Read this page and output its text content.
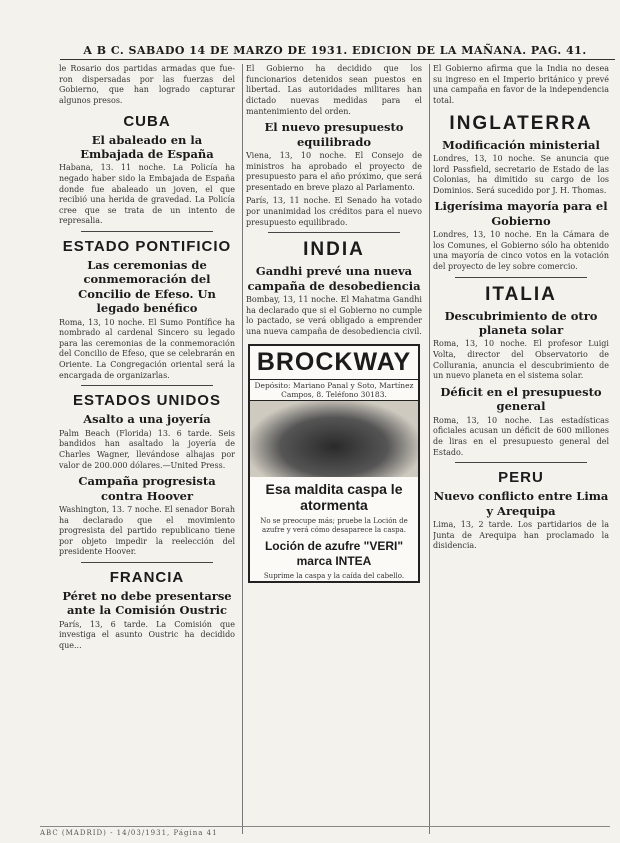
A B C. SABADO 14 DE MARZO DE 1931. EDICION DE LA MAÑANA. PAG. 41.

le Rosario dos partidas armadas que fue-ron dispersadas por las fuerzas del Gobierno, que han logrado capturar algunos presos.

CUBA
El abaleado en la Embajada de España

Habana, 13. 11 noche. La Policía ha negado haber sido la Embajada de España donde fue abaleado un joven, el que recibió una herida de gravedad. La Policía cree que se trata de un intento de represalia.

ESTADO PONTIFICIO
Las ceremonias de conmemoración del Concilio de Efeso. Un legado benéfico

Roma, 13, 10 noche. El Sumo Pontífice ha nombrado al cardenal Sincero su legado para las ceremonias de la conmemoración del Concilio de Efeso, que se celebrarán en Oriente. La Congregación oriental será la encargada de organizarlas.

ESTADOS UNIDOS
Asalto a una joyería

Palm Beach (Florida) 13. 6 tarde. Seis bandidos han asaltado la joyería de Charles Wagner, llevándose alhajas por valor de 200.000 dólares.—United Press.

Campaña progresista contra Hoover

Washington, 13. 7 noche. El senador Borah ha declarado que el movimiento progresista del partido republicano tiene por objeto impedir la reelección del presidente Hoover.

FRANCIA
Péret no debe presentarse ante la Comisión Oustric

París, 13, 6 tarde. La Comisión que investiga el asunto Oustric ha decidido que...

El Gobierno ha decidido que los funcionarios detenidos sean puestos en libertad. Las autoridades militares han dictado nuevas medidas para el mantenimiento del orden.

El nuevo presupuesto equilibrado

Viena, 13, 10 noche. El Consejo de ministros ha aprobado el proyecto de presupuesto para el año próximo, que será presentado en breve plazo al Parlamento.

París, 13, 11 noche. El Senado ha votado por unanimidad los créditos para el nuevo presupuesto equilibrado.

INDIA
Gandhi prevé una nueva campaña de desobediencia

Bombay, 13, 11 noche. El Mahatma Gandhi ha declarado que si el Gobierno no cumple lo pactado, se verá obligado a emprender una nueva campaña de desobediencia civil.

BROCKWAY
Depósito: Mariano Panal y Soto, Martínez Campos, 8. Teléfono 30183.
Esa maldita caspa le atormenta
No se preocupe más; pruebe la Loción de azufre y verá cómo desaparece la caspa.
Loción de azufre "VERI" marca INTEA
Suprime la caspa y la caída del cabello.

El Gobierno afirma que la India no desea su ingreso en el Imperio británico y prevé una campaña en favor de la independencia total.

INGLATERRA
Modificación ministerial

Londres, 13, 10 noche. Se anuncia que lord Passfield, secretario de Estado de las Colonias, ha dimitido su cargo de los Dominios. Será sucedido por J. H. Thomas.

Ligerísima mayoría para el Gobierno

Londres, 13, 10 noche. En la Cámara de los Comunes, el Gobierno sólo ha obtenido una mayoría de cinco votos en la votación del proyecto de ley sobre comercio.

ITALIA
Descubrimiento de otro planeta solar

Roma, 13, 10 noche. El profesor Luigi Volta, director del Observatorio de Collurania, anuncia el descubrimiento de un nuevo planeta en el sistema solar.

Déficit en el presupuesto general

Roma, 13, 10 noche. Las estadísticas oficiales acusan un déficit de 600 millones de liras en el presupuesto general del Estado.

PERU
Nuevo conflicto entre Lima y Arequipa

Lima, 13, 2 tarde. Los partidarios de la Junta de Arequipa han proclamado la disidencia.

ABC (MADRID) - 14/03/1931, Página 41
